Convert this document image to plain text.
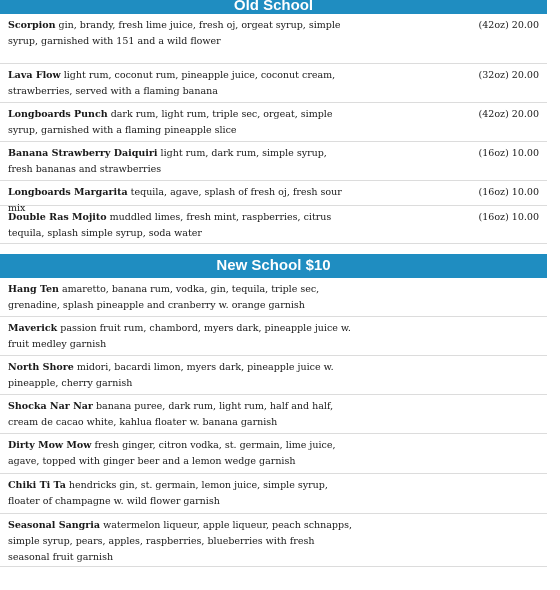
Old School
Scorpion gin, brandy, fresh lime juice, fresh oj, orgeat syrup, simple syrup, garnished with 151 and a wild flower
(42oz) 20.00
Lava Flow light rum, coconut rum, pineapple juice, coconut cream, strawberries, served with a flaming banana
(32oz) 20.00
Longboards Punch dark rum, light rum, triple sec, orgeat, simple syrup, garnished with a flaming pineapple slice
(42oz) 20.00
Banana Strawberry Daiquiri light rum, dark rum, simple syrup, fresh bananas and strawberries
(16oz) 10.00
Longboards Margarita tequila, agave, splash of fresh oj, fresh sour mix
(16oz) 10.00
Double Ras Mojito muddled limes, fresh mint, raspberries, citrus tequila, splash simple syrup, soda water
(16oz) 10.00
New School $10
Hang Ten amaretto, banana rum, vodka, gin, tequila, triple sec, grenadine, splash pineapple and cranberry w. orange garnish
Maverick passion fruit rum, chambord, myers dark, pineapple juice w. fruit medley garnish
North Shore midori, bacardi limon, myers dark, pineapple juice w. pineapple, cherry garnish
Shocka Nar Nar banana puree, dark rum, light rum, half and half, cream de cacao white, kahlua floater w. banana garnish
Dirty Mow Mow fresh ginger, citron vodka, st. germain, lime juice, agave, topped with ginger beer and a lemon wedge garnish
Chiki Ti Ta hendricks gin, st. germain, lemon juice, simple syrup, floater of champagne w. wild flower garnish
Seasonal Sangria watermelon liqueur, apple liqueur, peach schnapps, simple syrup, pears, apples, raspberries, blueberries with fresh seasonal fruit garnish
